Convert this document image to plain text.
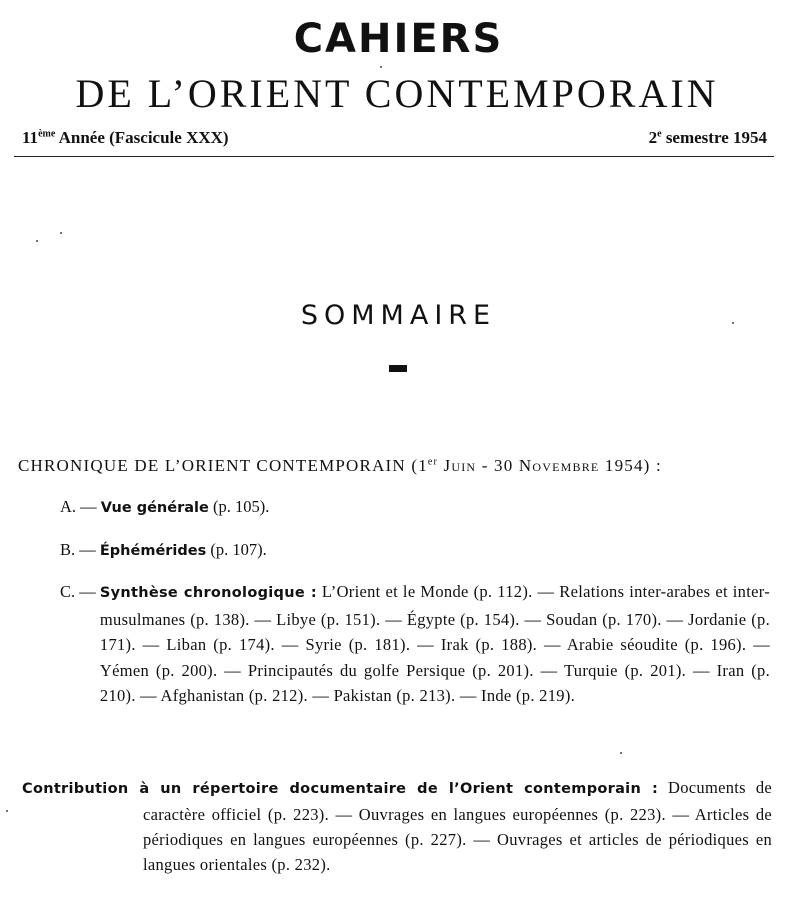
CAHIERS
DE L’ORIENT CONTEMPORAIN
11ème Année (Fascicule XXX)	2e semestre 1954
SOMMAIRE
CHRONIQUE DE L’ORIENT CONTEMPORAIN (1er Juin - 30 Novembre 1954) :
A. — Vue générale (p. 105).
B. — Éphémérides (p. 107).
C. — Synthèse chronologique : L’Orient et le Monde (p. 112). — Relations inter-arabes et inter-musulmanes (p. 138). — Libye (p. 151). — Égypte (p. 154). — Soudan (p. 170). — Jordanie (p. 171). — Liban (p. 174). — Syrie (p. 181). — Irak (p. 188). — Arabie séoudite (p. 196). — Yémen (p. 200). — Principautés du golfe Persique (p. 201). — Turquie (p. 201). — Iran (p. 210). — Afghanistan (p. 212). — Pakistan (p. 213). — Inde (p. 219).
Contribution à un répertoire documentaire de l’Orient contemporain : Documents de caractère officiel (p. 223). — Ouvrages en langues européennes (p. 223). — Articles de périodiques en langues européennes (p. 227). — Ouvrages et articles de périodiques en langues orientales (p. 232).
